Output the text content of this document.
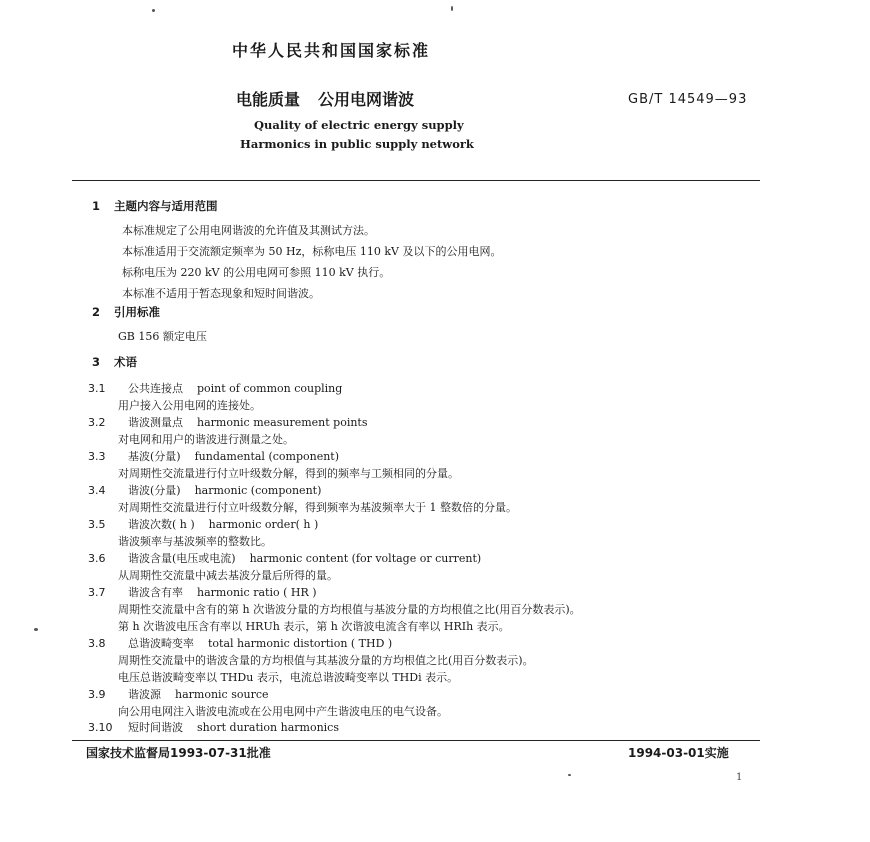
中华人民共和国国家标准
电能质量 公用电网谐波	GB/T 14549—93
Quality of electric energy supply
Harmonics in public supply network
1 主题内容与适用范围
本标准规定了公用电网谐波的允许值及其测试方法。
本标准适用于交流额定频率为 50 Hz，标称电压 110 kV 及以下的公用电网。
标称电压为 220 kV 的公用电网可参照 110 kV 执行。
本标准不适用于暂态现象和短时间谐波。
2 引用标准
GB 156 额定电压
3 术语
3.1 公共连接点 point of common coupling
用户接入公用电网的连接处。
3.2 谐波测量点 harmonic measurement points
对电网和用户的谐波进行测量之处。
3.3 基波(分量) fundamental (component)
对周期性交流量进行付立叶级数分解，得到的频率与工频相同的分量。
3.4 谐波(分量) harmonic (component)
对周期性交流量进行付立叶级数分解，得到频率为基波频率大于 1 整数倍的分量。
3.5 谐波次数( h ) harmonic order( h )
谐波频率与基波频率的整数比。
3.6 谐波含量(电压或电流) harmonic content (for voltage or current)
从周期性交流量中减去基波分量后所得的量。
3.7 谐波含有率 harmonic ratio ( HR )
周期性交流量中含有的第 h 次谐波分量的方均根值与基波分量的方均根值之比(用百分数表示)。
第 h 次谐波电压含有率以 HRUh 表示，第 h 次谐波电流含有率以 HRIh 表示。
3.8 总谐波畸变率 total harmonic distortion ( THD )
周期性交流量中的谐波含量的方均根值与其基波分量的方均根值之比(用百分数表示)。
电压总谐波畸变率以 THDu 表示，电流总谐波畸变率以 THDi 表示。
3.9 谐波源 harmonic source
向公用电网注入谐波电流或在公用电网中产生谐波电压的电气设备。
3.10 短时间谐波 short duration harmonics
国家技术监督局1993-07-31批准	1994-03-01实施
1
